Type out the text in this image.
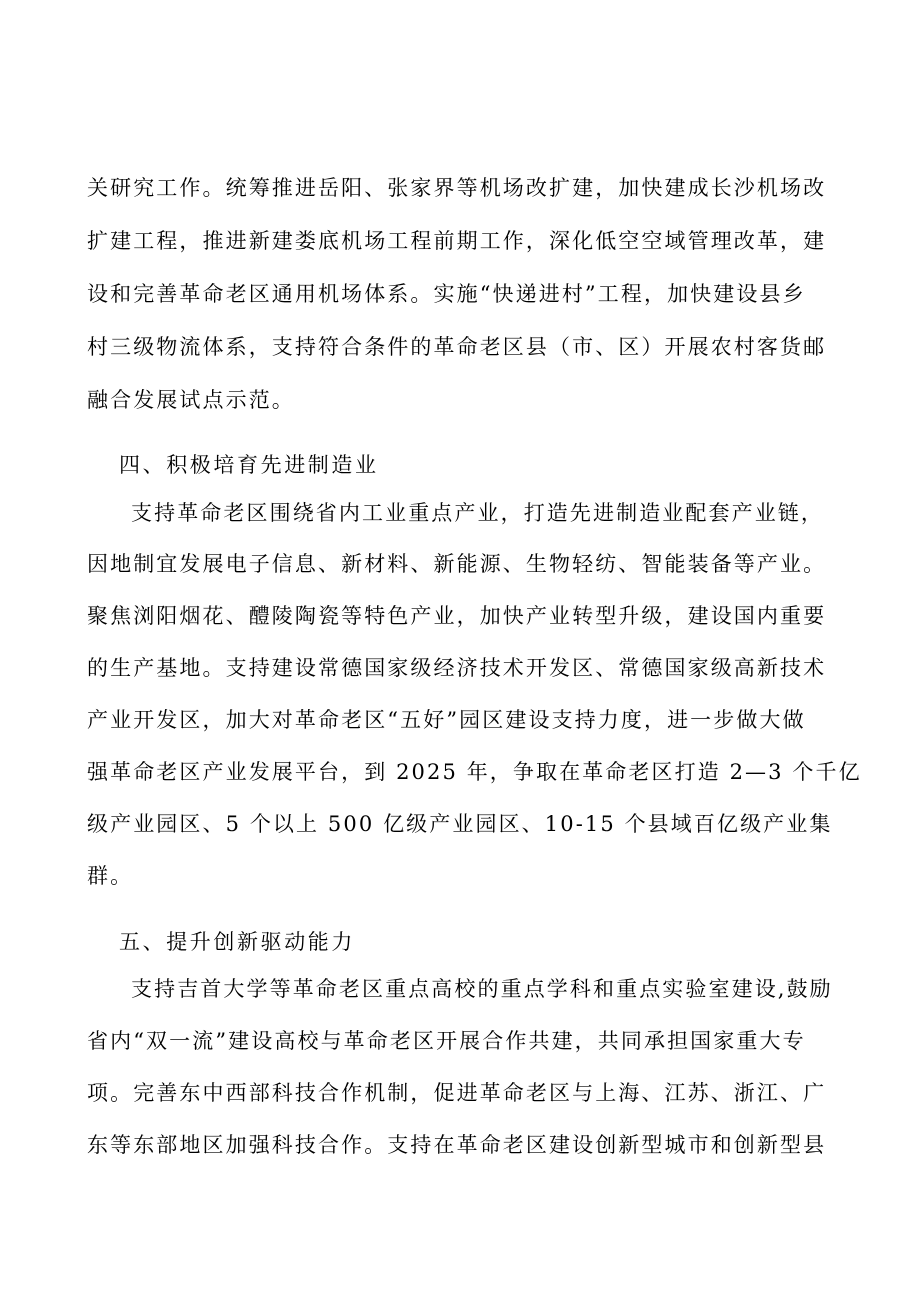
关研究工作。统筹推进岳阳、张家界等机场改扩建，加快建成长沙机场改
扩建工程，推进新建娄底机场工程前期工作，深化低空空域管理改革，建
设和完善革命老区通用机场体系。实施“快递进村”工程，加快建设县乡
村三级物流体系，支持符合条件的革命老区县（市、区）开展农村客货邮
融合发展试点示范。
四、积极培育先进制造业
支持革命老区围绕省内工业重点产业，打造先进制造业配套产业链，
因地制宜发展电子信息、新材料、新能源、生物轻纺、智能装备等产业。
聚焦浏阳烟花、醴陵陶瓷等特色产业，加快产业转型升级，建设国内重要
的生产基地。支持建设常德国家级经济技术开发区、常德国家级高新技术
产业开发区，加大对革命老区“五好”园区建设支持力度，进一步做大做
强革命老区产业发展平台，到 2025 年，争取在革命老区打造 2—3 个千亿
级产业园区、5 个以上 500 亿级产业园区、10-15 个县域百亿级产业集
群。
五、提升创新驱动能力
支持吉首大学等革命老区重点高校的重点学科和重点实验室建设,鼓励
省内“双一流”建设高校与革命老区开展合作共建，共同承担国家重大专
项。完善东中西部科技合作机制，促进革命老区与上海、江苏、浙江、广
东等东部地区加强科技合作。支持在革命老区建设创新型城市和创新型县
